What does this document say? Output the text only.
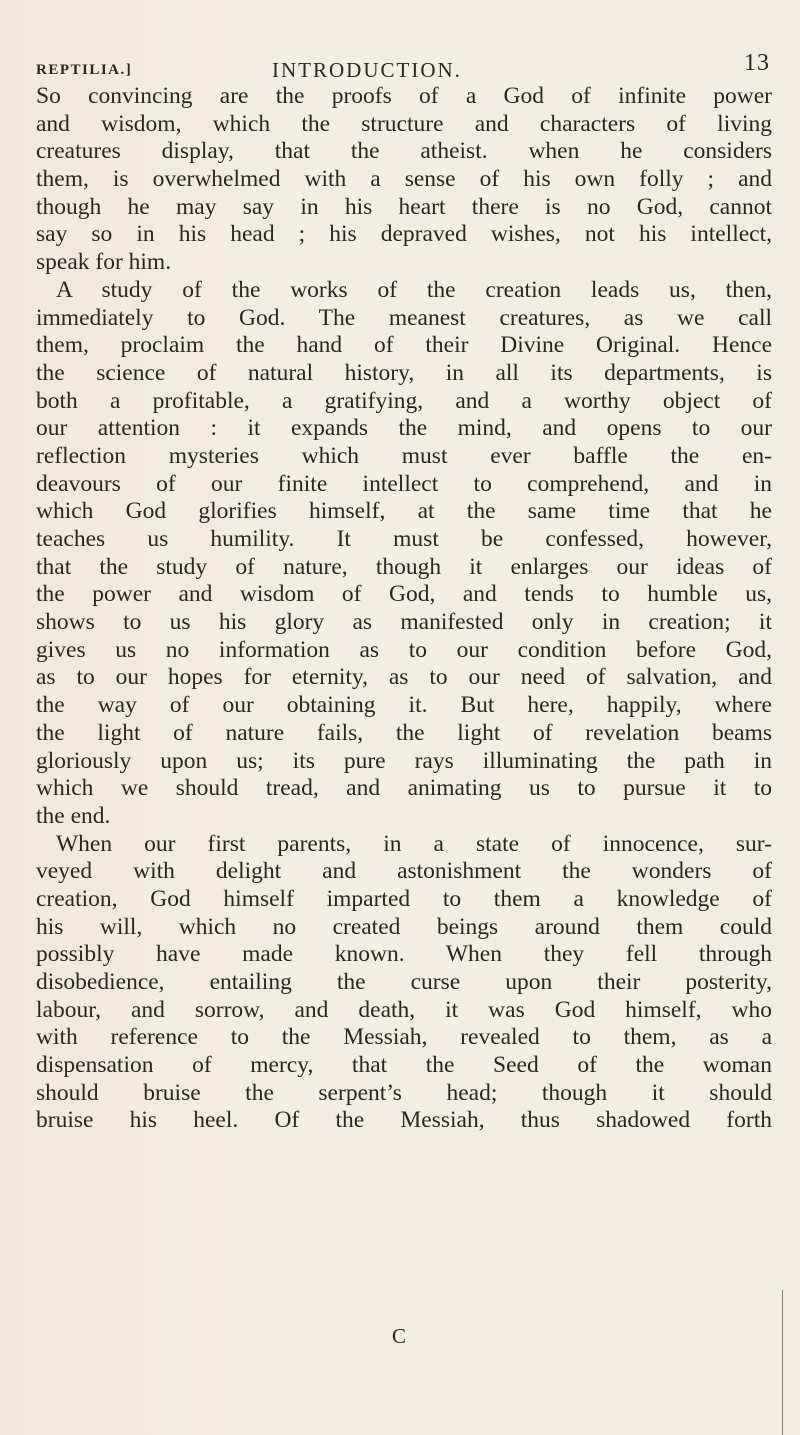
REPTILIA.]	INTRODUCTION.	13
So convincing are the proofs of a God of infinite power
and wisdom, which the structure and characters of living
creatures display, that the atheist. when he considers
them, is overwhelmed with a sense of his own folly ; and
though he may say in his heart there is no God, cannot
say so in his head ; his depraved wishes, not his intellect,
speak for him.
A study of the works of the creation leads us, then,
immediately to God. The meanest creatures, as we call
them, proclaim the hand of their Divine Original. Hence
the science of natural history, in all its departments, is
both a profitable, a gratifying, and a worthy object of
our attention : it expands the mind, and opens to our
reflection mysteries which must ever baffle the en-
deavours of our finite intellect to comprehend, and in
which God glorifies himself, at the same time that he
teaches us humility. It must be confessed, however,
that the study of nature, though it enlarges our ideas of
the power and wisdom of God, and tends to humble us,
shows to us his glory as manifested only in creation; it
gives us no information as to our condition before God,
as to our hopes for eternity, as to our need of salvation, and
the way of our obtaining it. But here, happily, where
the light of nature fails, the light of revelation beams
gloriously upon us; its pure rays illuminating the path in
which we should tread, and animating us to pursue it to
the end.
When our first parents, in a state of innocence, sur-
veyed with delight and astonishment the wonders of
creation, God himself imparted to them a knowledge of
his will, which no created beings around them could
possibly have made known. When they fell through
disobedience, entailing the curse upon their posterity,
labour, and sorrow, and death, it was God himself, who
with reference to the Messiah, revealed to them, as a
dispensation of mercy, that the Seed of the woman
should bruise the serpent’s head; though it should
bruise his heel. Of the Messiah, thus shadowed forth
C
